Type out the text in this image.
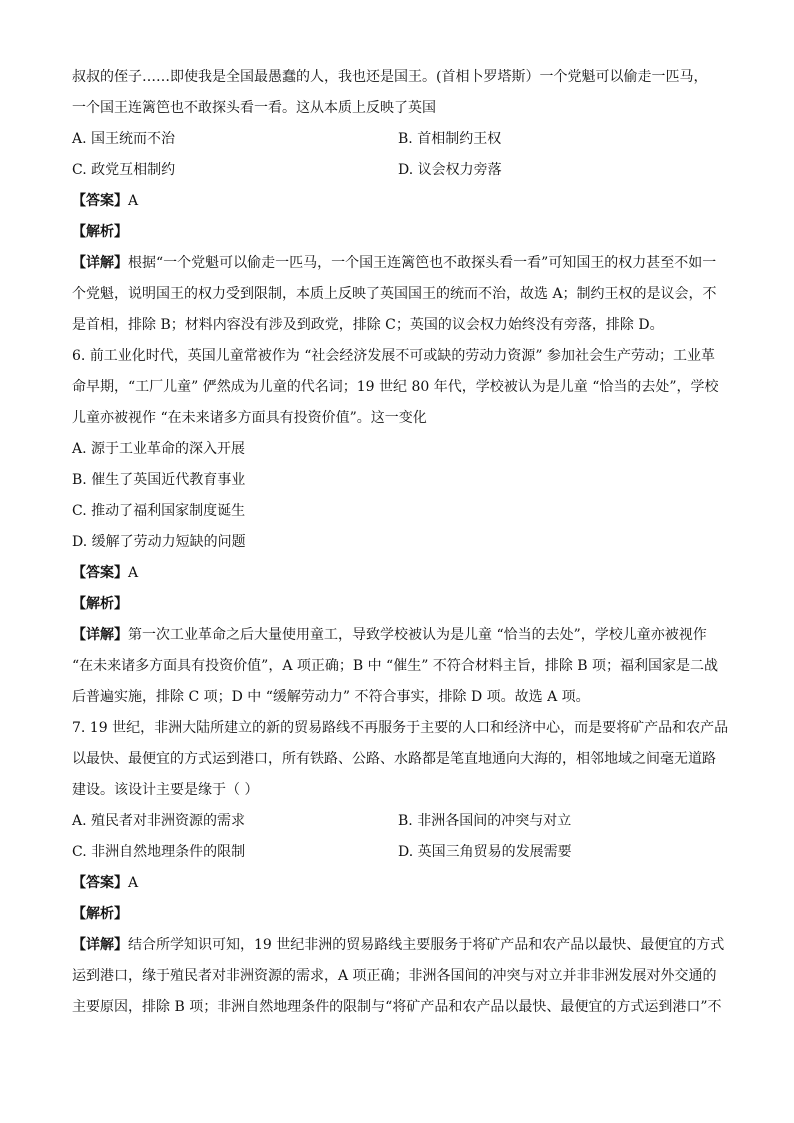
叔叔的侄子……即使我是全国最愚蠢的人，我也还是国王。(首相卜罗塔斯）一个党魁可以偷走一匹马，
一个国王连篱笆也不敢探头看一看。这从本质上反映了英国
A. 国王统而不治	B. 首相制约王权
C. 政党互相制约	D. 议会权力旁落
【答案】A
【解析】
【详解】根据“一个党魁可以偷走一匹马，一个国王连篱笆也不敢探头看一看”可知国王的权力甚至不如一
个党魁，说明国王的权力受到限制，本质上反映了英国国王的统而不治，故选 A；制约王权的是议会，不
是首相，排除 B；材料内容没有涉及到政党，排除 C；英国的议会权力始终没有旁落，排除 D。
6. 前工业化时代，英国儿童常被作为 “社会经济发展不可或缺的劳动力资源” 参加社会生产劳动；工业革
命早期，“工厂儿童” 俨然成为儿童的代名词；19 世纪 80 年代，学校被认为是儿童 “恰当的去处”，学校
儿童亦被视作 “在未来诸多方面具有投资价值”。这一变化
A. 源于工业革命的深入开展
B. 催生了英国近代教育事业
C. 推动了福利国家制度诞生
D. 缓解了劳动力短缺的问题
【答案】A
【解析】
【详解】第一次工业革命之后大量使用童工，导致学校被认为是儿童 “恰当的去处”，学校儿童亦被视作
“在未来诸多方面具有投资价值”，A 项正确；B 中 “催生” 不符合材料主旨，排除 B 项；福利国家是二战
后普遍实施，排除 C 项；D 中 “缓解劳动力” 不符合事实，排除 D 项。故选 A 项。
7. 19 世纪，非洲大陆所建立的新的贸易路线不再服务于主要的人口和经济中心，而是要将矿产品和农产品
以最快、最便宜的方式运到港口，所有铁路、公路、水路都是笔直地通向大海的，相邻地域之间毫无道路
建设。该设计主要是缘于（ ）
A. 殖民者对非洲资源的需求	B. 非洲各国间的冲突与对立
C. 非洲自然地理条件的限制	D. 英国三角贸易的发展需要
【答案】A
【解析】
【详解】结合所学知识可知，19 世纪非洲的贸易路线主要服务于将矿产品和农产品以最快、最便宜的方式
运到港口，缘于殖民者对非洲资源的需求，A 项正确；非洲各国间的冲突与对立并非非洲发展对外交通的
主要原因，排除 B 项；非洲自然地理条件的限制与“将矿产品和农产品以最快、最便宜的方式运到港口”不
